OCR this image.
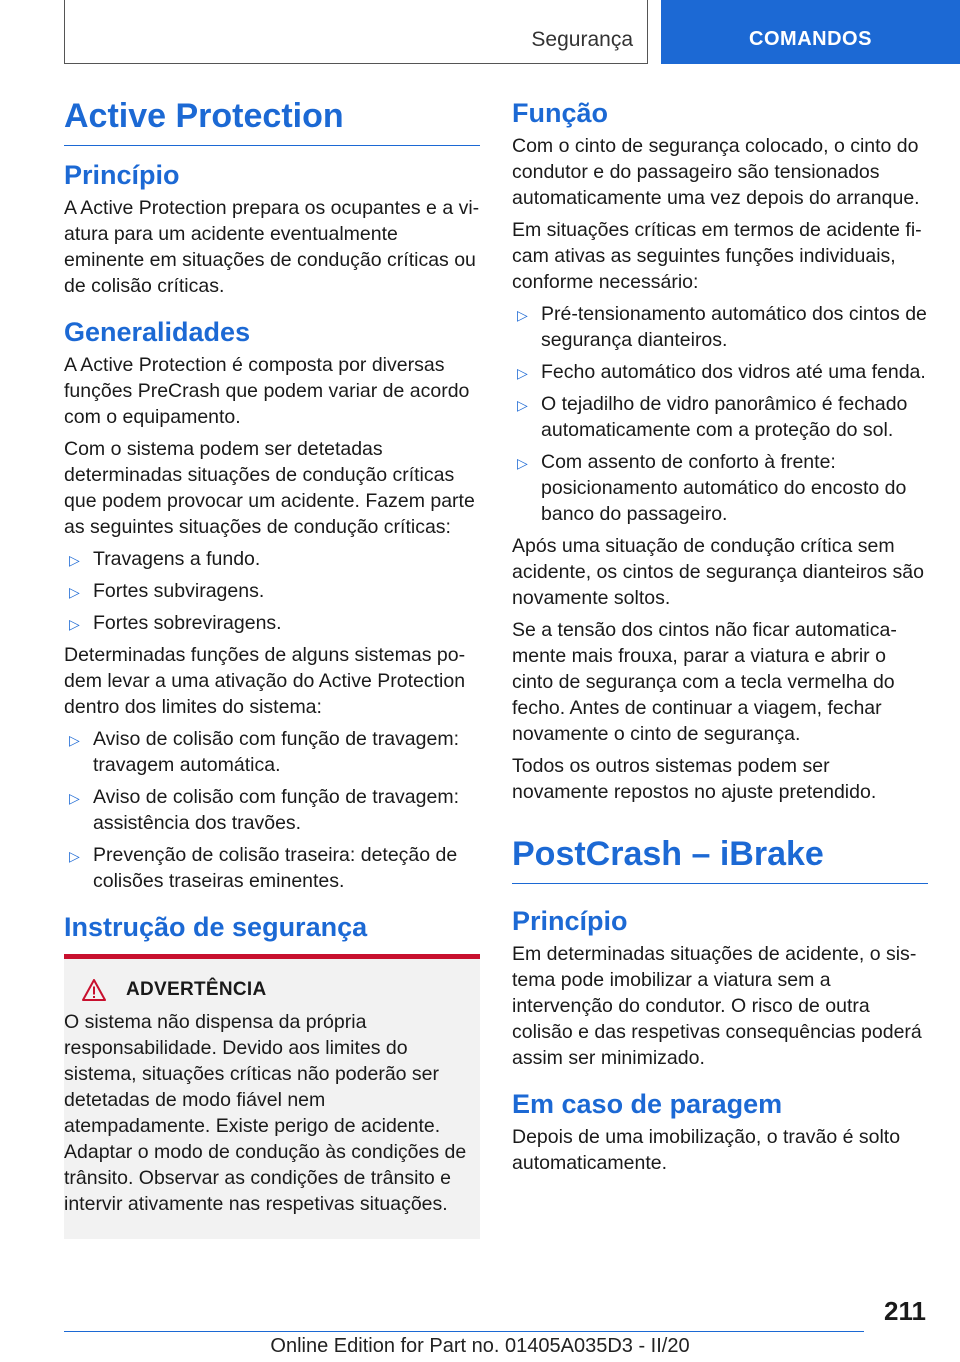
Segurança	COMANDOS
Active Protection
Princípio

A Active Protection prepara os ocupantes e a viatura para um acidente eventualmente eminente em situações de condução críticas ou de colisão críticas.

Generalidades

A Active Protection é composta por diversas funções PreCrash que podem variar de acordo com o equipamento.

Com o sistema podem ser detetadas determinadas situações de condução críticas que podem provocar um acidente. Fazem parte as seguintes situações de condução críticas:

▷ Travagens a fundo.
▷ Fortes subviragens.
▷ Fortes sobreviragens.

Determinadas funções de alguns sistemas podem levar a uma ativação do Active Protection dentro dos limites do sistema:

▷ Aviso de colisão com função de travagem: travagem automática.
▷ Aviso de colisão com função de travagem: assistência dos travões.
▷ Prevenção de colisão traseira: deteção de colisões traseiras eminentes.
Instrução de segurança
ADVERTÊNCIA

O sistema não dispensa da própria responsabilidade. Devido aos limites do sistema, situações críticas não poderão ser detetadas de modo fiável nem atempadamente. Existe perigo de acidente. Adaptar o modo de condução às condições de trânsito. Observar as condições de trânsito e intervir ativamente nas respetivas situações.

Função

Com o cinto de segurança colocado, o cinto do condutor e do passageiro são tensionados automaticamente uma vez depois do arranque.

Em situações críticas em termos de acidente ficam ativas as seguintes funções individuais, conforme necessário:

▷ Pré-tensionamento automático dos cintos de segurança dianteiros.
▷ Fecho automático dos vidros até uma fenda.
▷ O tejadilho de vidro panorâmico é fechado automaticamente com a proteção do sol.
▷ Com assento de conforto à frente: posicionamento automático do encosto do banco do passageiro.

Após uma situação de condução crítica sem acidente, os cintos de segurança dianteiros são novamente soltos.

Se a tensão dos cintos não ficar automaticamente mais frouxa, parar a viatura e abrir o cinto de segurança com a tecla vermelha do fecho. Antes de continuar a viagem, fechar novamente o cinto de segurança.

Todos os outros sistemas podem ser novamente repostos no ajuste pretendido.

PostCrash – iBrake
Princípio

Em determinadas situações de acidente, o sistema pode imobilizar a viatura sem a intervenção do condutor. O risco de outra colisão e das respetivas consequências poderá assim ser minimizado.

Em caso de paragem

Depois de uma imobilização, o travão é solto automaticamente.

211
Online Edition for Part no. 01405A035D3 - II/20
